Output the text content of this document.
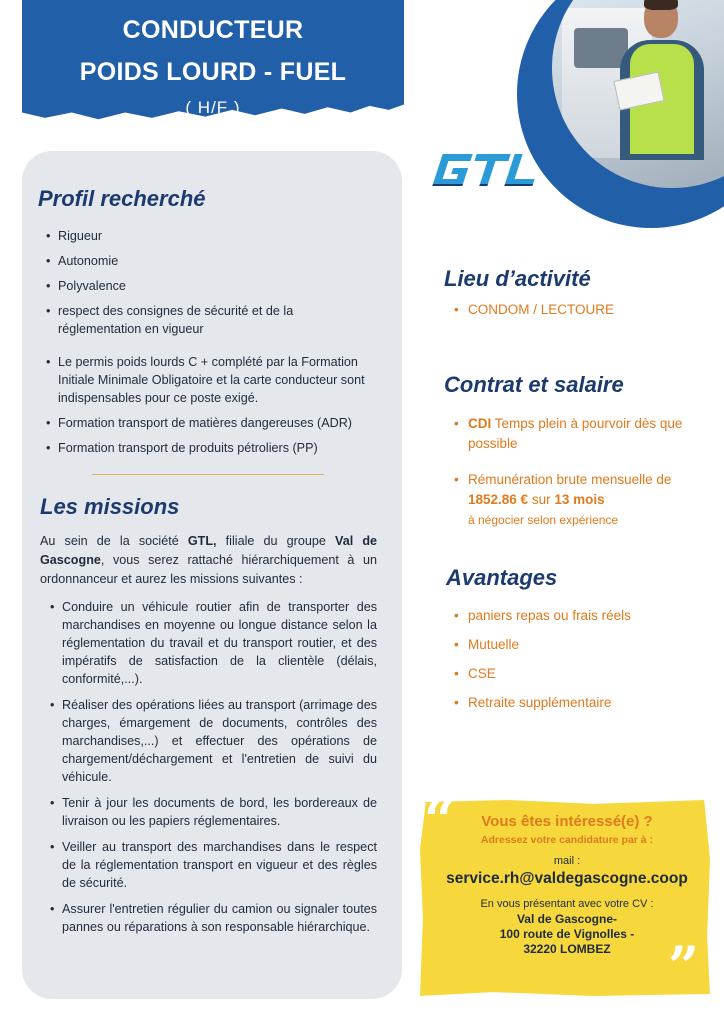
CONDUCTEUR
POIDS LOURD - FUEL
( H/F )
Profil recherché
• Rigueur
• Autonomie
• Polyvalence
• respect des consignes de sécurité et de la réglementation en vigueur
• Le permis poids lourds C + complété par la Formation Initiale Minimale Obligatoire et la carte conducteur sont indispensables pour ce poste exigé.
• Formation transport de matières dangereuses (ADR)
• Formation transport de produits pétroliers (PP)
Les missions
Au sein de la société GTL, filiale du groupe Val de Gascogne, vous serez rattaché hiérarchiquement à un ordonnanceur et aurez les missions suivantes :
• Conduire un véhicule routier afin de transporter des marchandises en moyenne ou longue distance selon la réglementation du travail et du transport routier, et des impératifs de satisfaction de la clientèle (délais, conformité,...).
• Réaliser des opérations liées au transport (arrimage des charges, émargement de documents, contrôles des marchandises,...) et effectuer des opérations de chargement/déchargement et l'entretien de suivi du véhicule.
• Tenir à jour les documents de bord, les bordereaux de livraison ou les papiers réglementaires.
• Veiller au transport des marchandises dans le respect de la réglementation transport en vigueur et des règles de sécurité.
• Assurer l'entretien régulier du camion ou signaler toutes pannes ou réparations à son responsable hiérarchique.
Lieu d’activité
• CONDOM / LECTOURE
Contrat et salaire
• CDI Temps plein à pourvoir dès que possible
• Rémunération brute mensuelle de 1852.86 € sur 13 mois
à négocier selon expérience
Avantages
• paniers repas ou frais réels
• Mutuelle
• CSE
• Retraite supplémentaire
“
”
Vous êtes intéressé(e) ?
Adressez votre candidature par à :
mail :
service.rh@valdegascogne.coop
En vous présentant avec votre CV :
Val de Gascogne-
100 route de Vignolles -
32220 LOMBEZ
